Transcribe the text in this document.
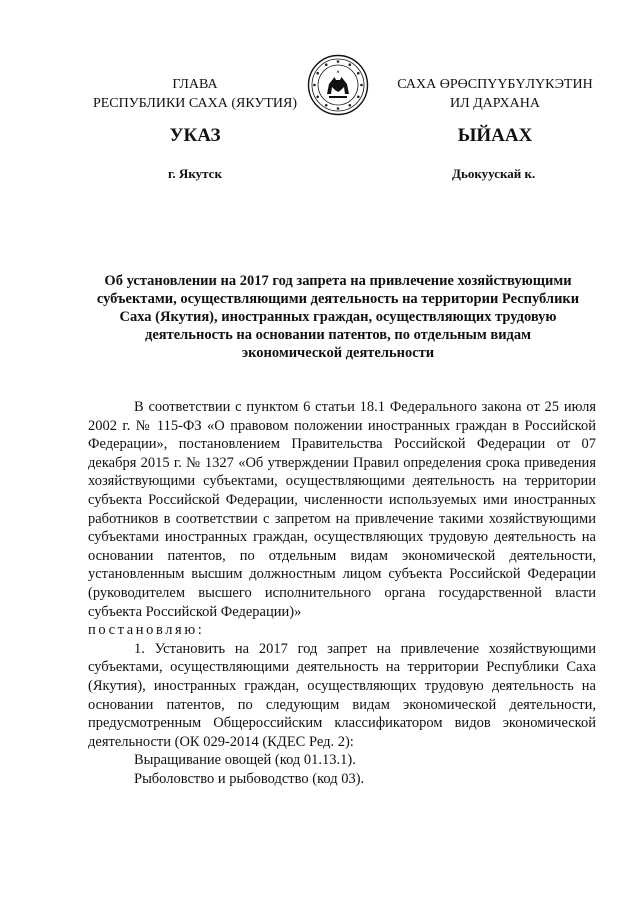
ГЛАВА
РЕСПУБЛИКИ САХА (ЯКУТИЯ)
САХА ӨРӨСПҮҮБҮЛҮКЭТИН
ИЛ ДАРХАНА
УКАЗ	ЫЙААХ
г. Якутск	Дьокуускай к.
Об установлении на 2017 год запрета на привлечение хозяйствующими
субъектами, осуществляющими деятельность на территории Республики
Саха (Якутия), иностранных граждан, осуществляющих трудовую
деятельность на основании патентов, по отдельным видам
экономической деятельности

В соответствии с пунктом 6 статьи 18.1 Федерального закона от 25 июля 2002 г. № 115-ФЗ «О правовом положении иностранных граждан в Российской Федерации», постановлением Правительства Российской Федерации от 07 декабря 2015 г. № 1327 «Об утверждении Правил определения срока приведения хозяйствующими субъектами, осуществляющими деятельность на территории субъекта Российской Федерации, численности используемых ими иностранных работников в соответствии с запретом на привлечение такими хозяйствующими субъектами иностранных граждан, осуществляющих трудовую деятельность на основании патентов, по отдельным видам экономической деятельности, установленным высшим должностным лицом субъекта Российской Федерации (руководителем высшего исполнительного органа государственной власти субъекта Российской Федерации)»

постановляю:

1. Установить на 2017 год запрет на привлечение хозяйствующими субъектами, осуществляющими деятельность на территории Республики Саха (Якутия), иностранных граждан, осуществляющих трудовую деятельность на основании патентов, по следующим видам экономической деятельности, предусмотренным Общероссийским классификатором видов экономической деятельности (ОК 029-2014 (КДЕС Ред. 2):

Выращивание овощей (код 01.13.1).

Рыболовство и рыбоводство (код 03).
